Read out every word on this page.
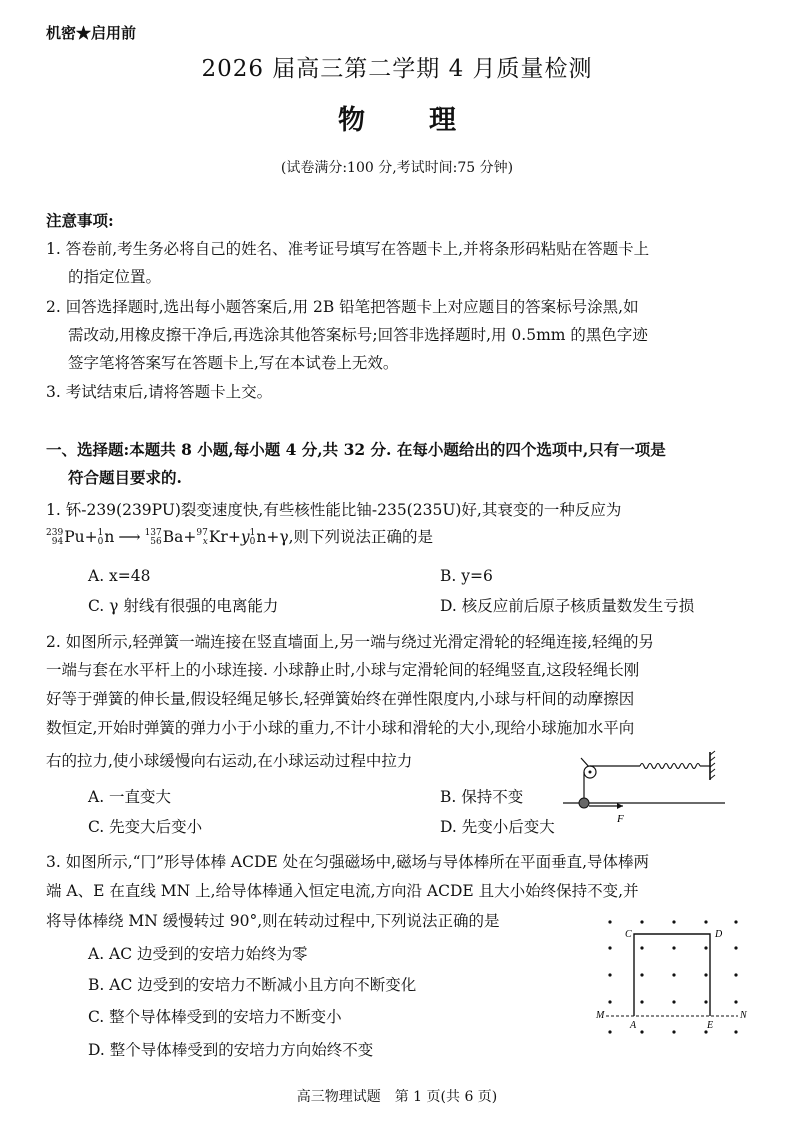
机密★启用前
2026 届高三第二学期 4 月质量检测
物 理
(试卷满分:100 分,考试时间:75 分钟)
注意事项:
1. 答卷前,考生务必将自己的姓名、准考证号填写在答题卡上,并将条形码粘贴在答题卡上
的指定位置。
2. 回答选择题时,选出每小题答案后,用 2B 铅笔把答题卡上对应题目的答案标号涂黑,如
需改动,用橡皮擦干净后,再选涂其他答案标号;回答非选择题时,用 0.5mm 的黑色字迹
签字笔将答案写在答题卡上,写在本试卷上无效。
3. 考试结束后,请将答题卡上交。
一、选择题:本题共 8 小题,每小题 4 分,共 32 分. 在每小题给出的四个选项中,只有一项是
符合题目要求的.
1. 钚-239(239PU)裂变速度快,有些核性能比铀-235(235U)好,其衰变的一种反应为
239
94Pu+1
0n ⟶ 137
56Ba+97
xKr+y1
0n+γ,则下列说法正确的是
A. x=48	B. y=6
C. γ 射线有很强的电离能力	D. 核反应前后原子核质量数发生亏损
2. 如图所示,轻弹簧一端连接在竖直墙面上,另一端与绕过光滑定滑轮的轻绳连接,轻绳的另
一端与套在水平杆上的小球连接. 小球静止时,小球与定滑轮间的轻绳竖直,这段轻绳长刚
好等于弹簧的伸长量,假设轻绳足够长,轻弹簧始终在弹性限度内,小球与杆间的动摩擦因
数恒定,开始时弹簧的弹力小于小球的重力,不计小球和滑轮的大小,现给小球施加水平向
右的拉力,使小球缓慢向右运动,在小球运动过程中拉力
A. 一直变大	B. 保持不变
C. 先变大后变小	D. 先变小后变大	F
3. 如图所示,“冂”形导体棒 ACDE 处在匀强磁场中,磁场与导体棒所在平面垂直,导体棒两
端 A、E 在直线 MN 上,给导体棒通入恒定电流,方向沿 ACDE 且大小始终保持不变,并
将导体棒绕 MN 缓慢转过 90°,则在转动过程中,下列说法正确的是
A. AC 边受到的安培力始终为零
B. AC 边受到的安培力不断减小且方向不断变化
C. 整个导体棒受到的安培力不断变小
D. 整个导体棒受到的安培力方向始终不变
C	D
M	N
A	E
高三物理试题　第 1 页(共 6 页)
